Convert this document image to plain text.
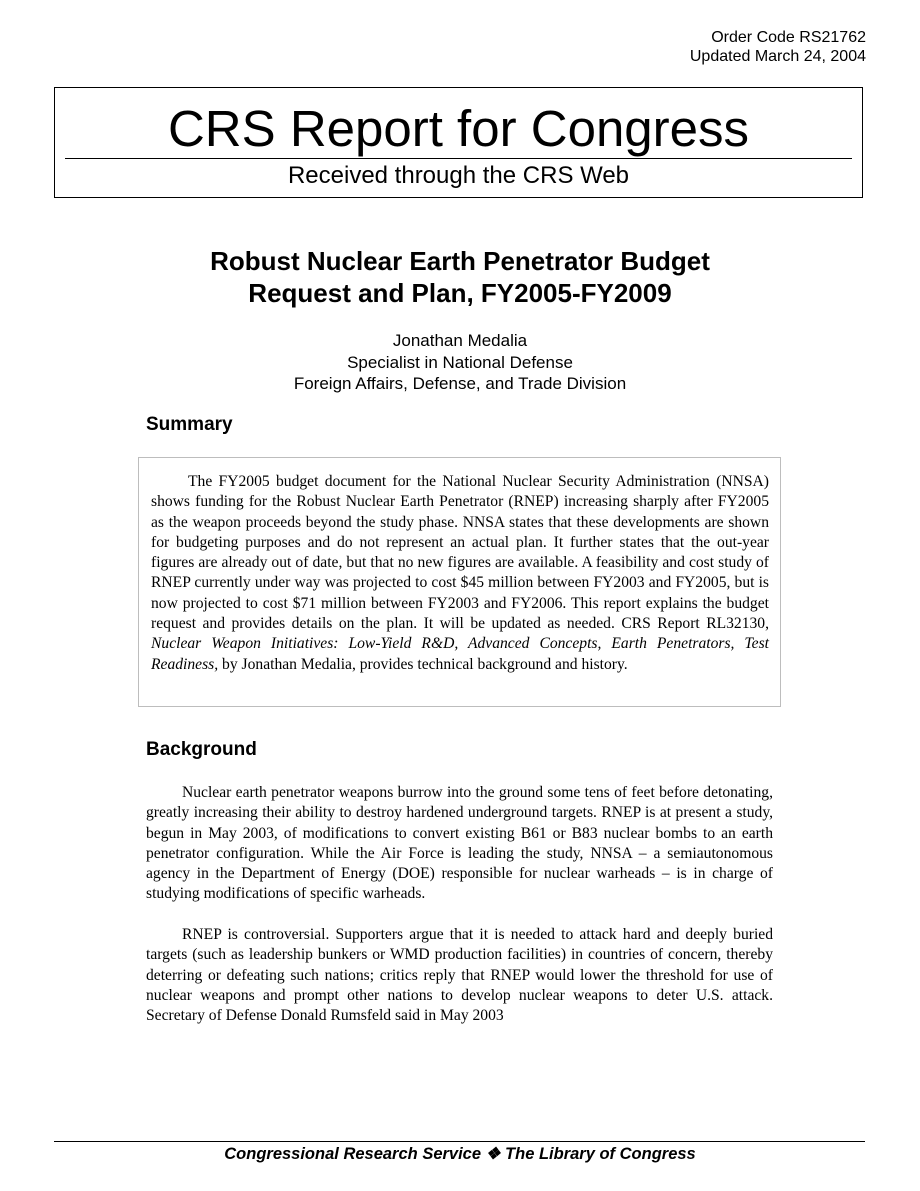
Order Code RS21762
Updated March 24, 2004
CRS Report for Congress
Received through the CRS Web
Robust Nuclear Earth Penetrator Budget
Request and Plan, FY2005-FY2009
Jonathan Medalia
Specialist in National Defense
Foreign Affairs, Defense, and Trade Division
Summary

The FY2005 budget document for the National Nuclear Security Administration (NNSA) shows funding for the Robust Nuclear Earth Penetrator (RNEP) increasing sharply after FY2005 as the weapon proceeds beyond the study phase. NNSA states that these developments are shown for budgeting purposes and do not represent an actual plan. It further states that the out-year figures are already out of date, but that no new figures are available. A feasibility and cost study of RNEP currently under way was projected to cost $45 million between FY2003 and FY2005, but is now projected to cost $71 million between FY2003 and FY2006. This report explains the budget request and provides details on the plan. It will be updated as needed. CRS Report RL32130, Nuclear Weapon Initiatives: Low-Yield R&D, Advanced Concepts, Earth Penetrators, Test Readiness, by Jonathan Medalia, provides technical background and history.

Background

Nuclear earth penetrator weapons burrow into the ground some tens of feet before detonating, greatly increasing their ability to destroy hardened underground targets. RNEP is at present a study, begun in May 2003, of modifications to convert existing B61 or B83 nuclear bombs to an earth penetrator configuration. While the Air Force is leading the study, NNSA – a semiautonomous agency in the Department of Energy (DOE) responsible for nuclear warheads – is in charge of studying modifications of specific warheads.

RNEP is controversial. Supporters argue that it is needed to attack hard and deeply buried targets (such as leadership bunkers or WMD production facilities) in countries of concern, thereby deterring or defeating such nations; critics reply that RNEP would lower the threshold for use of nuclear weapons and prompt other nations to develop nuclear weapons to deter U.S. attack. Secretary of Defense Donald Rumsfeld said in May 2003

Congressional Research Service ❖ The Library of Congress
